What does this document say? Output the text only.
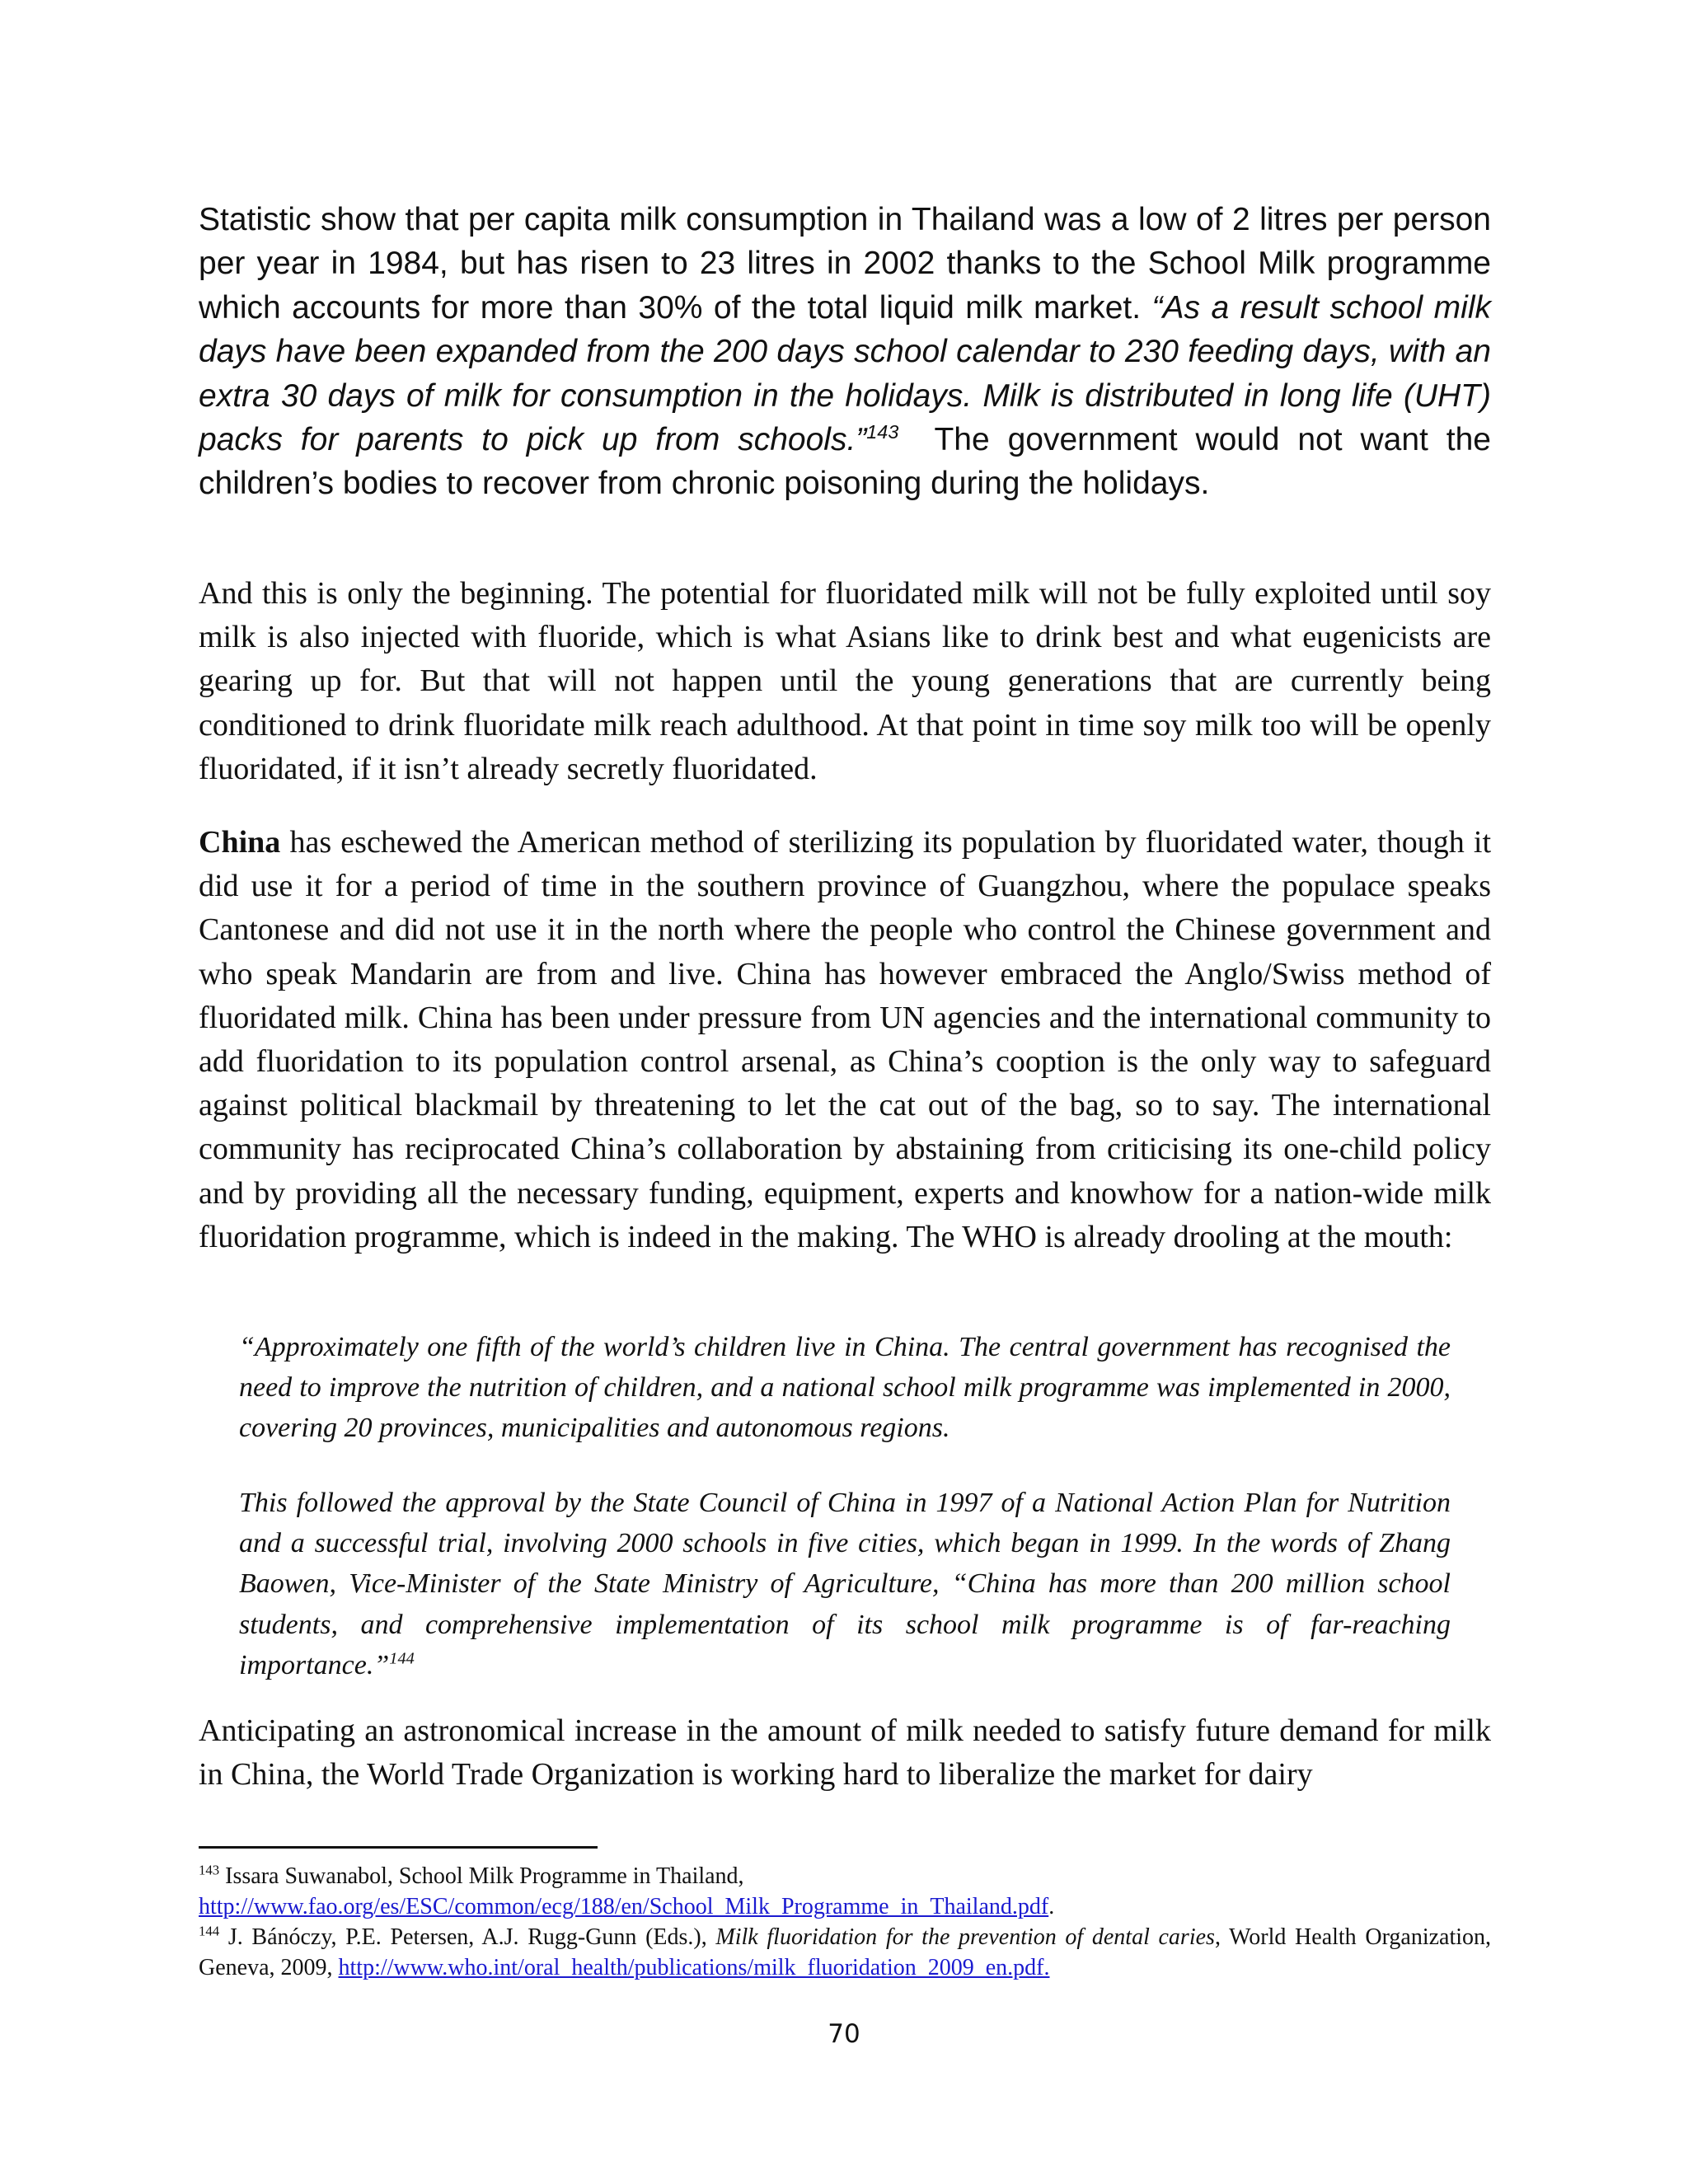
Statistic show that per capita milk consumption in Thailand was a low of 2 litres per person per year in 1984, but has risen to 23 litres in 2002 thanks to the School Milk programme which accounts for more than 30% of the total liquid milk market. “As a result school milk days have been expanded from the 200 days school calendar to 230 feeding days, with an extra 30 days of milk for consumption in the holidays. Milk is distributed in long life (UHT) packs for parents to pick up from schools.”$^{143}$ The government would not want the children’s bodies to recover from chronic poisoning during the holidays.

And this is only the beginning. The potential for fluoridated milk will not be fully exploited until soy milk is also injected with fluoride, which is what Asians like to drink best and what eugenicists are gearing up for. But that will not happen until the young generations that are currently being conditioned to drink fluoridate milk reach adulthood. At that point in time soy milk too will be openly fluoridated, if it isn’t already secretly fluoridated.

China has eschewed the American method of sterilizing its population by fluoridated water, though it did use it for a period of time in the southern province of Guangzhou, where the populace speaks Cantonese and did not use it in the north where the people who control the Chinese government and who speak Mandarin are from and live. China has however embraced the Anglo/Swiss method of fluoridated milk. China has been under pressure from UN agencies and the international community to add fluoridation to its population control arsenal, as China’s cooption is the only way to safeguard against political blackmail by threatening to let the cat out of the bag, so to say. The international community has reciprocated China’s collaboration by abstaining from criticising its one-child policy and by providing all the necessary funding, equipment, experts and knowhow for a nation-wide milk fluoridation programme, which is indeed in the making. The WHO is already drooling at the mouth:

“Approximately one fifth of the world’s children live in China. The central government has recognised the need to improve the nutrition of children, and a national school milk programme was implemented in 2000, covering 20 provinces, municipalities and autonomous regions.

This followed the approval by the State Council of China in 1997 of a National Action Plan for Nutrition and a successful trial, involving 2000 schools in five cities, which began in 1999. In the words of Zhang Baowen, Vice-Minister of the State Ministry of Agriculture, “China has more than 200 million school students, and comprehensive implementation of its school milk programme is of far-reaching importance.”$^{144}$

Anticipating an astronomical increase in the amount of milk needed to satisfy future demand for milk in China, the World Trade Organization is working hard to liberalize the market for dairy

$^{143}$ Issara Suwanabol, School Milk Programme in Thailand,
http://www.fao.org/es/ESC/common/ecg/188/en/School_Milk_Programme_in_Thailand.pdf.

$^{144}$ J. Bánóczy, P.E. Petersen, A.J. Rugg-Gunn (Eds.), Milk fluoridation for the prevention of dental caries, World Health Organization, Geneva, 2009, http://www.who.int/oral_health/publications/milk_fluoridation_2009_en.pdf.

70
